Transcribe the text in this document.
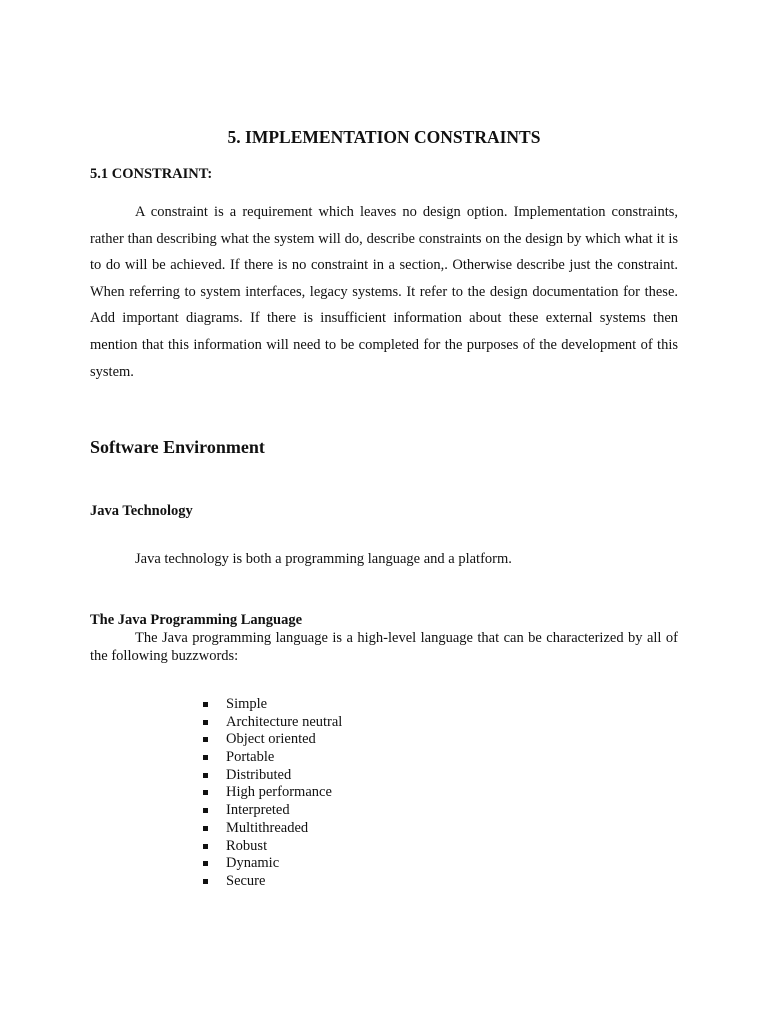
5. IMPLEMENTATION CONSTRAINTS
5.1 CONSTRAINT:

A constraint is a requirement which leaves no design option. Implementation constraints, rather than describing what the system will do, describe constraints on the design by which what it is to do will be achieved. If there is no constraint in a section,. Otherwise describe just the constraint. When referring to system interfaces, legacy systems. It refer to the design documentation for these. Add important diagrams. If there is insufficient information about these external systems then mention that this information will need to be completed for the purposes of the development of this system.

Software Environment
Java Technology

Java technology is both a programming language and a platform.

The Java Programming Language

The Java programming language is a high-level language that can be characterized by all of the following buzzwords:

Simple
Architecture neutral
Object oriented
Portable
Distributed
High performance
Interpreted
Multithreaded
Robust
Dynamic
Secure
